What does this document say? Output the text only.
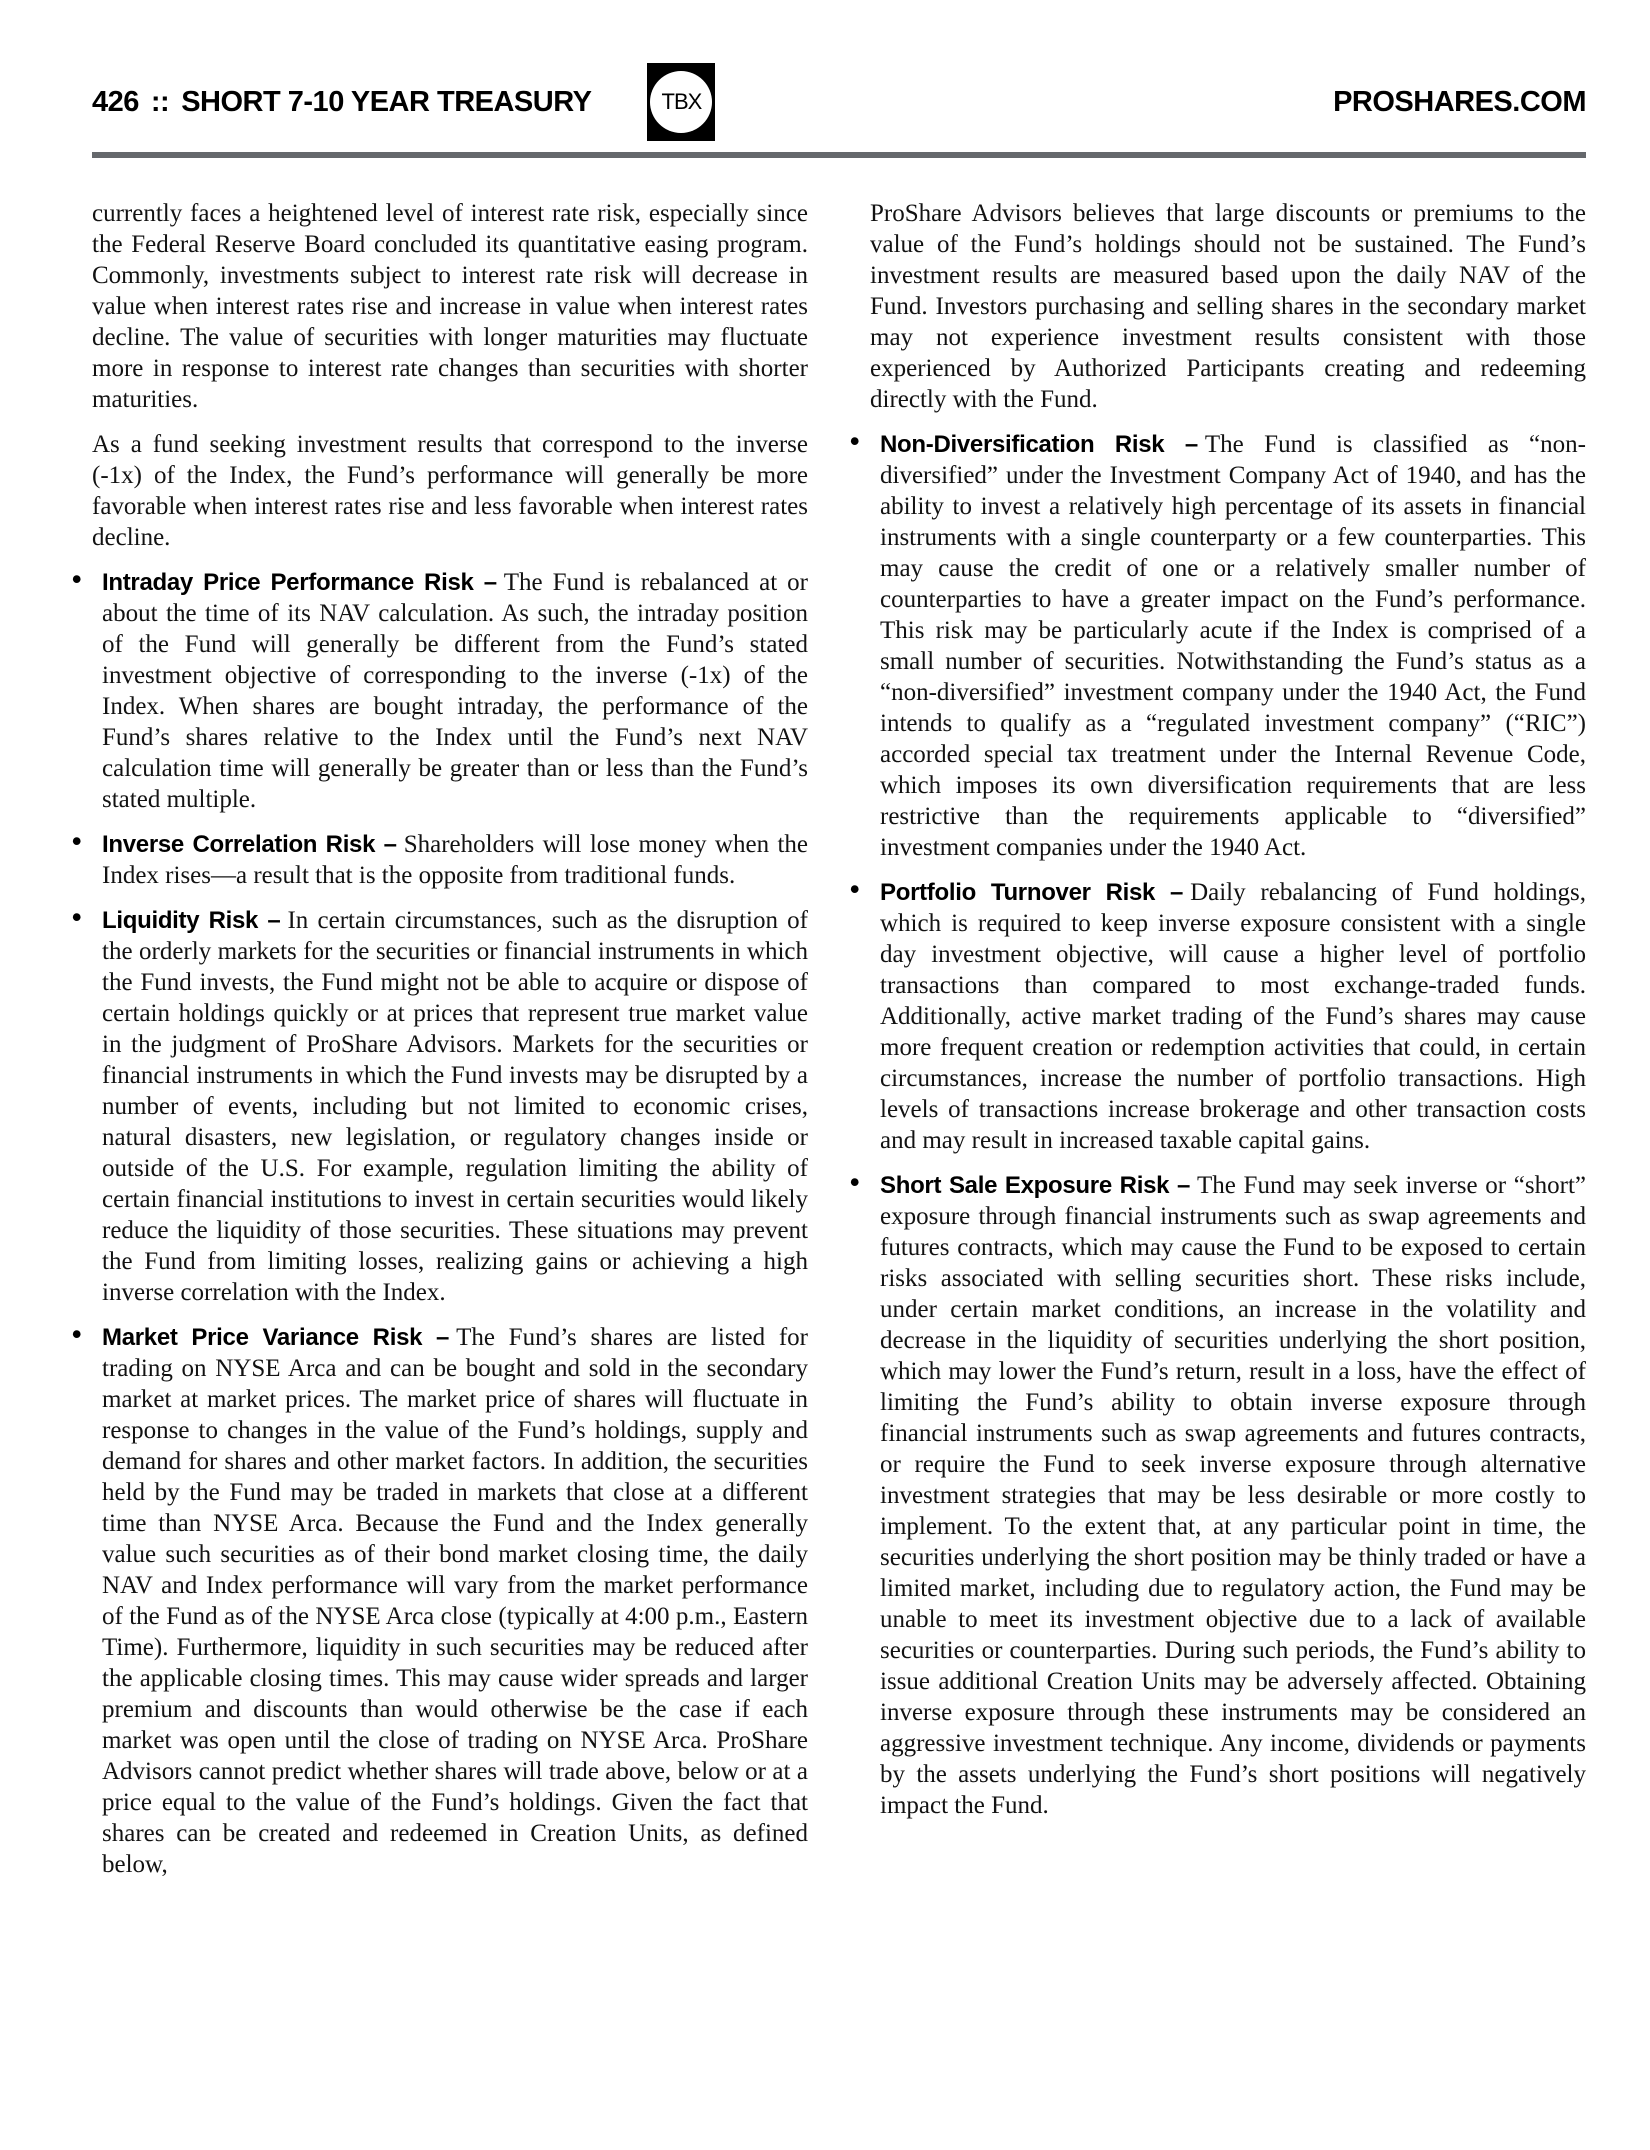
426 :: SHORT 7-10 YEAR TREASURY	TBX	PROSHARES.COM

currently faces a heightened level of interest rate risk, especially since the Federal Reserve Board concluded its quantitative easing program. Commonly, investments subject to interest rate risk will decrease in value when interest rates rise and increase in value when interest rates decline. The value of securities with longer maturities may fluctuate more in response to interest rate changes than securities with shorter maturities.

As a fund seeking investment results that correspond to the inverse (-1x) of the Index, the Fund’s performance will generally be more favorable when interest rates rise and less favorable when interest rates decline.

• Intraday Price Performance Risk – The Fund is rebalanced at or about the time of its NAV calculation. As such, the intraday position of the Fund will generally be different from the Fund’s stated investment objective of corresponding to the inverse (-1x) of the Index. When shares are bought intraday, the performance of the Fund’s shares relative to the Index until the Fund’s next NAV calculation time will generally be greater than or less than the Fund’s stated multiple.
• Inverse Correlation Risk – Shareholders will lose money when the Index rises—a result that is the opposite from traditional funds.
• Liquidity Risk – In certain circumstances, such as the disruption of the orderly markets for the securities or financial instruments in which the Fund invests, the Fund might not be able to acquire or dispose of certain holdings quickly or at prices that represent true market value in the judgment of ProShare Advisors. Markets for the securities or financial instruments in which the Fund invests may be disrupted by a number of events, including but not limited to economic crises, natural disasters, new legislation, or regulatory changes inside or outside of the U.S. For example, regulation limiting the ability of certain financial institutions to invest in certain securities would likely reduce the liquidity of those securities. These situations may prevent the Fund from limiting losses, realizing gains or achieving a high inverse correlation with the Index.
• Market Price Variance Risk – The Fund’s shares are listed for trading on NYSE Arca and can be bought and sold in the secondary market at market prices. The market price of shares will fluctuate in response to changes in the value of the Fund’s holdings, supply and demand for shares and other market factors. In addition, the securities held by the Fund may be traded in markets that close at a different time than NYSE Arca. Because the Fund and the Index generally value such securities as of their bond market closing time, the daily NAV and Index performance will vary from the market performance of the Fund as of the NYSE Arca close (typically at 4:00 p.m., Eastern Time). Furthermore, liquidity in such securities may be reduced after the applicable closing times. This may cause wider spreads and larger premium and discounts than would otherwise be the case if each market was open until the close of trading on NYSE Arca. ProShare Advisors cannot predict whether shares will trade above, below or at a price equal to the value of the Fund’s holdings. Given the fact that shares can be created and redeemed in Creation Units, as defined below,

ProShare Advisors believes that large discounts or premiums to the value of the Fund’s holdings should not be sustained. The Fund’s investment results are measured based upon the daily NAV of the Fund. Investors purchasing and selling shares in the secondary market may not experience investment results consistent with those experienced by Authorized Participants creating and redeeming directly with the Fund.

• Non-Diversification Risk – The Fund is classified as “non-diversified” under the Investment Company Act of 1940, and has the ability to invest a relatively high percentage of its assets in financial instruments with a single counterparty or a few counterparties. This may cause the credit of one or a relatively smaller number of counterparties to have a greater impact on the Fund’s performance. This risk may be particularly acute if the Index is comprised of a small number of securities. Notwithstanding the Fund’s status as a “non-diversified” investment company under the 1940 Act, the Fund intends to qualify as a “regulated investment company” (“RIC”) accorded special tax treatment under the Internal Revenue Code, which imposes its own diversification requirements that are less restrictive than the requirements applicable to “diversified” investment companies under the 1940 Act.
• Portfolio Turnover Risk – Daily rebalancing of Fund holdings, which is required to keep inverse exposure consistent with a single day investment objective, will cause a higher level of portfolio transactions than compared to most exchange-traded funds. Additionally, active market trading of the Fund’s shares may cause more frequent creation or redemption activities that could, in certain circumstances, increase the number of portfolio transactions. High levels of transactions increase brokerage and other transaction costs and may result in increased taxable capital gains.
• Short Sale Exposure Risk – The Fund may seek inverse or “short” exposure through financial instruments such as swap agreements and futures contracts, which may cause the Fund to be exposed to certain risks associated with selling securities short. These risks include, under certain market conditions, an increase in the volatility and decrease in the liquidity of securities underlying the short position, which may lower the Fund’s return, result in a loss, have the effect of limiting the Fund’s ability to obtain inverse exposure through financial instruments such as swap agreements and futures contracts, or require the Fund to seek inverse exposure through alternative investment strategies that may be less desirable or more costly to implement. To the extent that, at any particular point in time, the securities underlying the short position may be thinly traded or have a limited market, including due to regulatory action, the Fund may be unable to meet its investment objective due to a lack of available securities or counterparties. During such periods, the Fund’s ability to issue additional Creation Units may be adversely affected. Obtaining inverse exposure through these instruments may be considered an aggressive investment technique. Any income, dividends or payments by the assets underlying the Fund’s short positions will negatively impact the Fund.
